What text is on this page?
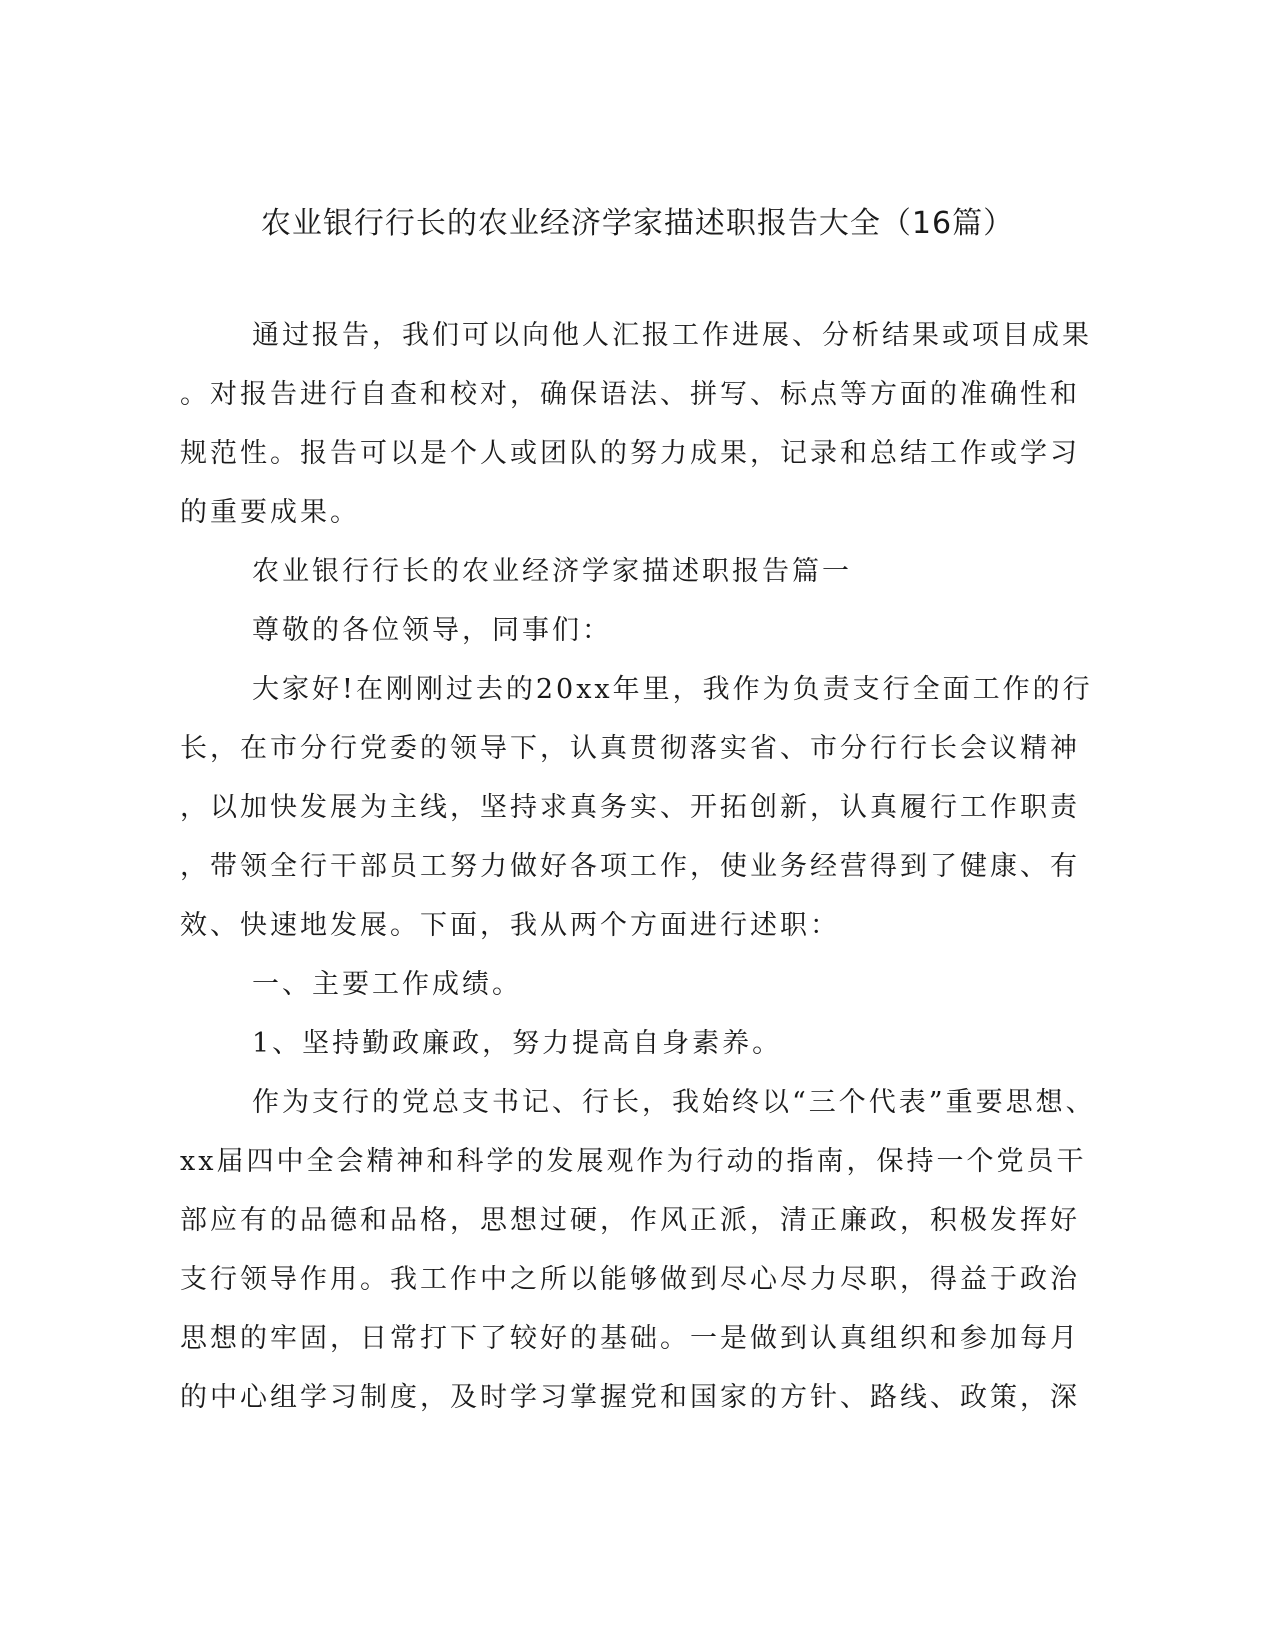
农业银行行长的农业经济学家描述职报告大全（16篇）
通过报告，我们可以向他人汇报工作进展、分析结果或项目成果
。对报告进行自查和校对，确保语法、拼写、标点等方面的准确性和
规范性。报告可以是个人或团队的努力成果，记录和总结工作或学习
的重要成果。
农业银行行长的农业经济学家描述职报告篇一
尊敬的各位领导，同事们：
大家好!在刚刚过去的20xx年里，我作为负责支行全面工作的行
长，在市分行党委的领导下，认真贯彻落实省、市分行行长会议精神
，以加快发展为主线，坚持求真务实、开拓创新，认真履行工作职责
，带领全行干部员工努力做好各项工作，使业务经营得到了健康、有
效、快速地发展。下面，我从两个方面进行述职：
一、主要工作成绩。
1、坚持勤政廉政，努力提高自身素养。
作为支行的党总支书记、行长，我始终以“三个代表”重要思想、
xx届四中全会精神和科学的发展观作为行动的指南，保持一个党员干
部应有的品德和品格，思想过硬，作风正派，清正廉政，积极发挥好
支行领导作用。我工作中之所以能够做到尽心尽力尽职，得益于政治
思想的牢固，日常打下了较好的基础。一是做到认真组织和参加每月
的中心组学习制度，及时学习掌握党和国家的方针、路线、政策，深
